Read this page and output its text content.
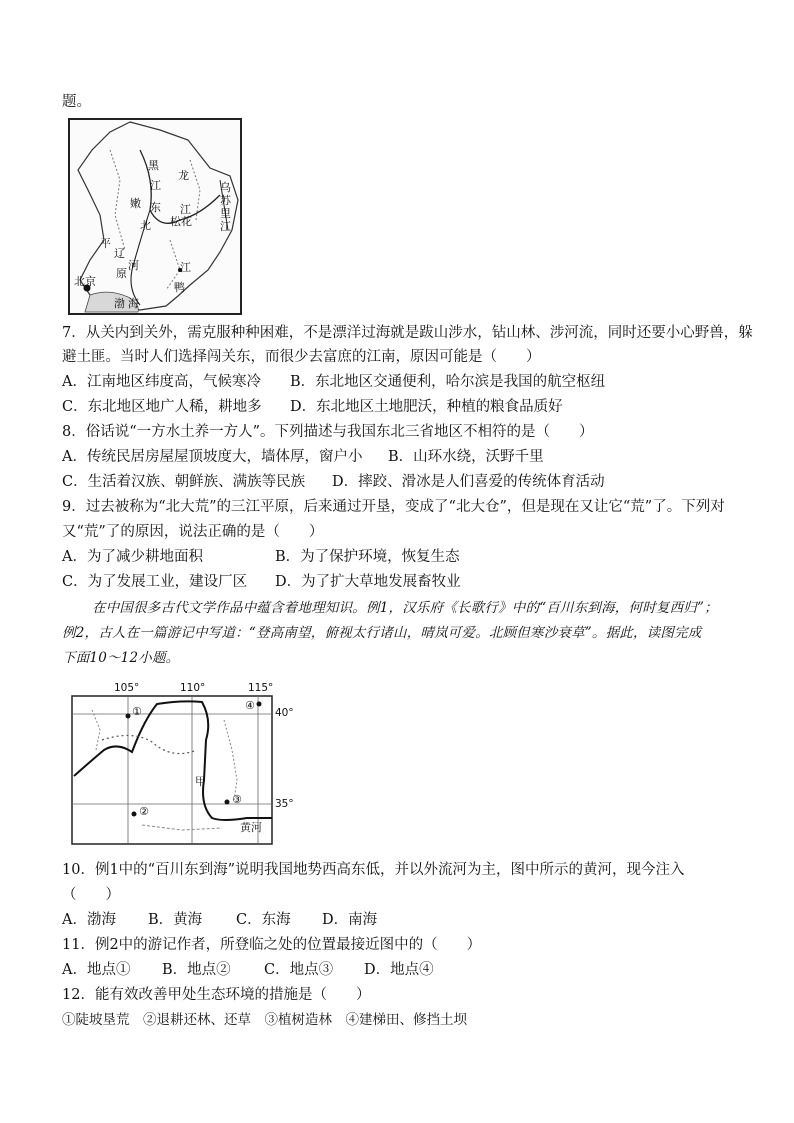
题。
黑
龙
嫩
江
东
北
江
松花
乌
苏
里
江
平
辽
原
河
北京
渤 海
鸭
江
7．从关内到关外，需克服种种困难，不是漂洋过海就是跋山涉水，钻山林、涉河流，同时还要小心野兽，躲
避土匪。当时人们选择闯关东，而很少去富庶的江南，原因可能是（　　）
A．江南地区纬度高，气候寒冷 B．东北地区交通便利，哈尔滨是我国的航空枢纽
C．东北地区地广人稀，耕地多 D．东北地区土地肥沃，种植的粮食品质好
8．俗话说“一方水土养一方人”。下列描述与我国东北三省地区不相符的是（　　）
A．传统民居房屋屋顶坡度大，墙体厚，窗户小 B．山环水绕，沃野千里
C．生活着汉族、朝鲜族、满族等民族 D．摔跤、滑冰是人们喜爱的传统体育活动
9．过去被称为“北大荒”的三江平原，后来通过开垦，变成了“北大仓”，但是现在又让它“荒”了。下列对
又“荒”了的原因，说法正确的是（　　）
A．为了减少耕地面积	B．为了保护环境，恢复生态
C．为了发展工业，建设厂区 D．为了扩大草地发展畜牧业
在中国很多古代文学作品中蕴含着地理知识。例1，汉乐府《长歌行》中的“百川东到海，何时复西归”；
例2，古人在一篇游记中写道：“登高南望，俯视太行诸山，晴岚可爱。北顾但寒沙衰草”。据此，读图完成
下面10～12小题。
105°	110°	115°
40°
35°
①
②
③
④
甲
黄河
10．例1中的“百川东到海”说明我国地势西高东低，并以外流河为主，图中所示的黄河，现今注入
（　　）
A．渤海 B．黄海 C．东海 D．南海
11．例2中的游记作者，所登临之处的位置最接近图中的（　　）
A．地点① B．地点② C．地点③ D．地点④
12．能有效改善甲处生态环境的措施是（　　）
①陡坡垦荒　②退耕还林、还草　③植树造林　④建梯田、修挡土坝
